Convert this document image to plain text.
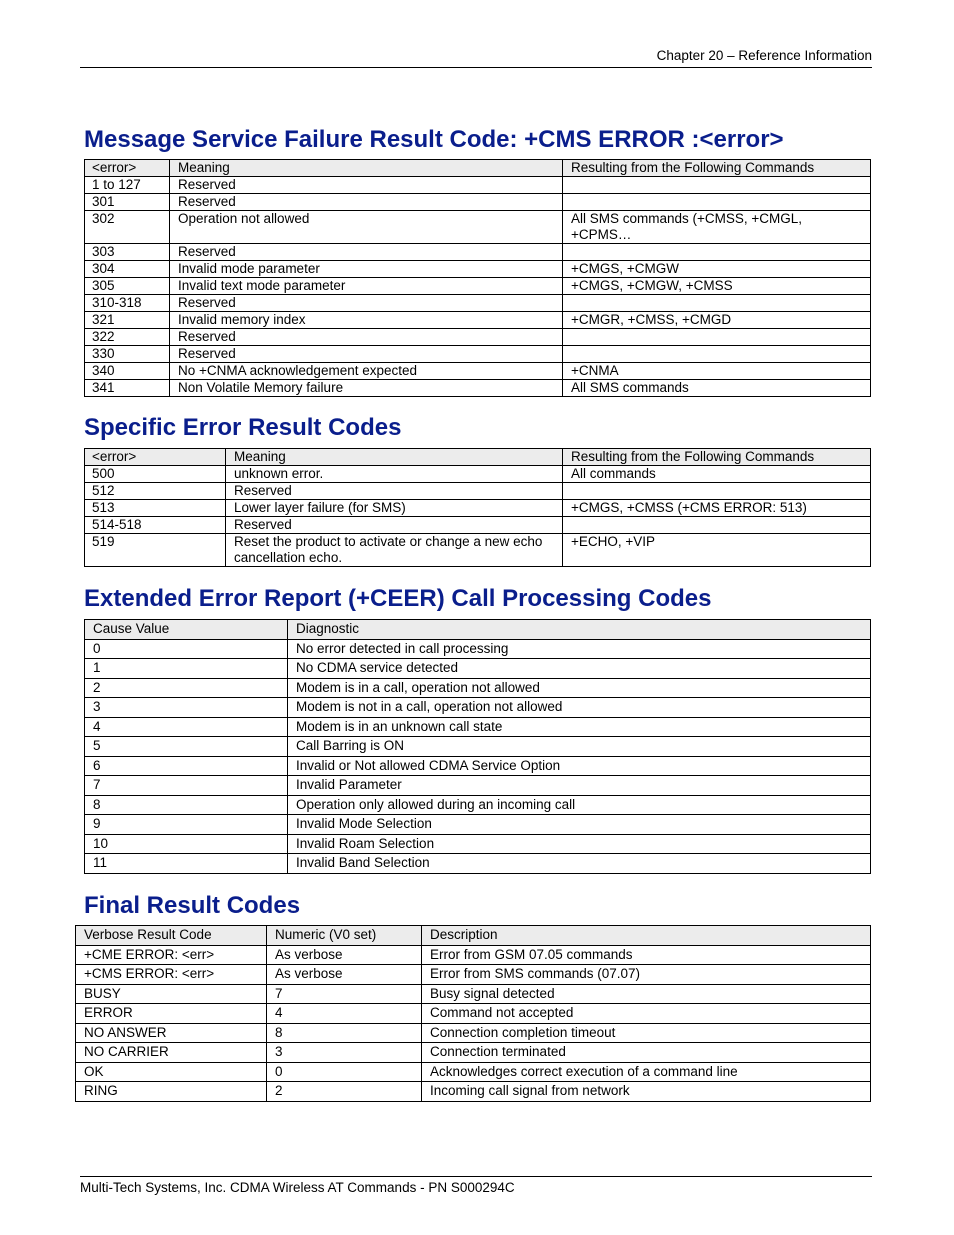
Chapter 20 – Reference Information
Message Service Failure Result Code: +CMS ERROR :<error>
<error>	Meaning	Resulting from the Following Commands
1 to 127	Reserved	
301	Reserved	
302	Operation not allowed	All SMS commands (+CMSS, +CMGL, +CPMS…
303	Reserved	
304	Invalid mode parameter	+CMGS, +CMGW
305	Invalid text mode parameter	+CMGS, +CMGW, +CMSS
310-318	Reserved	
321	Invalid memory index	+CMGR, +CMSS, +CMGD
322	Reserved	
330	Reserved	
340	No +CNMA acknowledgement expected	+CNMA
341	Non Volatile Memory failure	All SMS commands
Specific Error Result Codes
<error>	Meaning	Resulting from the Following Commands
500	unknown error.	All commands
512	Reserved	
513	Lower layer failure (for SMS)	+CMGS, +CMSS (+CMS ERROR: 513)
514-518	Reserved	
519	Reset the product to activate or change a new echo cancellation echo.	+ECHO, +VIP
Extended Error Report (+CEER) Call Processing Codes
Cause Value	Diagnostic
0	No error detected in call processing
1	No CDMA service detected
2	Modem is in a call, operation not allowed
3	Modem is not in a call, operation not allowed
4	Modem is in an unknown call state
5	Call Barring is ON
6	Invalid or Not allowed CDMA Service Option
7	Invalid Parameter
8	Operation only allowed during an incoming call
9	Invalid Mode Selection
10	Invalid Roam Selection
11	Invalid Band Selection
Final Result Codes
Verbose Result Code	Numeric (V0 set)	Description
+CME ERROR: <err>	As verbose	Error from GSM 07.05 commands
+CMS ERROR: <err>	As verbose	Error from SMS commands (07.07)
BUSY	7	Busy signal detected
ERROR	4	Command not accepted
NO ANSWER	8	Connection completion timeout
NO CARRIER	3	Connection terminated
OK	0	Acknowledges correct execution of a command line
RING	2	Incoming call signal from network
Multi-Tech Systems, Inc. CDMA Wireless AT Commands - PN S000294C
